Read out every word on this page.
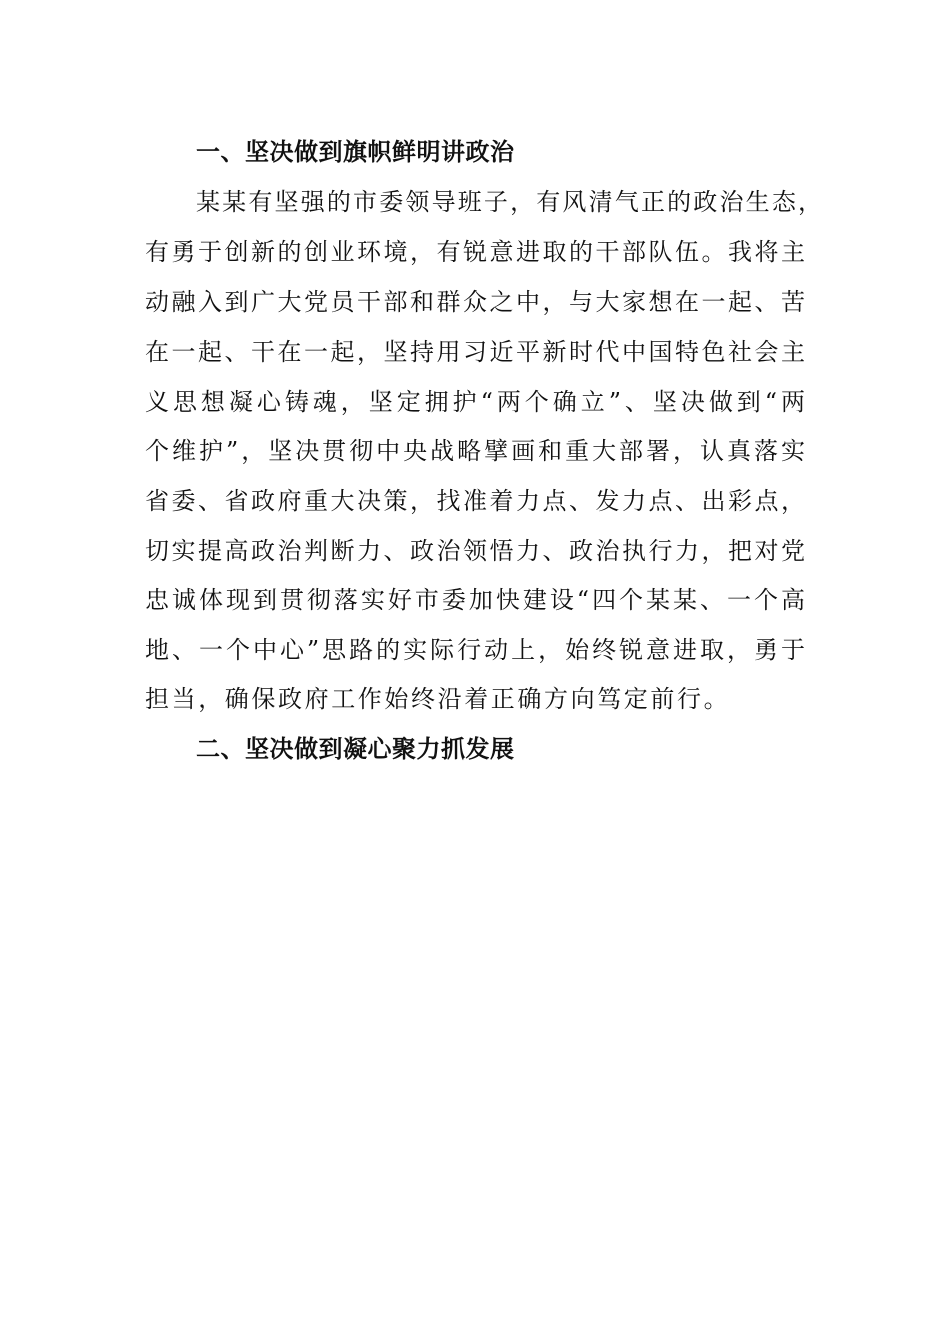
一、坚决做到旗帜鲜明讲政治
某某有坚强的市委领导班子，有风清气正的政治生态，
有勇于创新的创业环境，有锐意进取的干部队伍。我将主
动融入到广大党员干部和群众之中，与大家想在一起、苦
在一起、干在一起，坚持用习近平新时代中国特色社会主
义思想凝心铸魂，坚定拥护“两个确立”、坚决做到“两
个维护”，坚决贯彻中央战略擘画和重大部署，认真落实
省委、省政府重大决策，找准着力点、发力点、出彩点，
切实提高政治判断力、政治领悟力、政治执行力，把对党
忠诚体现到贯彻落实好市委加快建设“四个某某、一个高
地、一个中心”思路的实际行动上，始终锐意进取，勇于
担当，确保政府工作始终沿着正确方向笃定前行。
二、坚决做到凝心聚力抓发展
